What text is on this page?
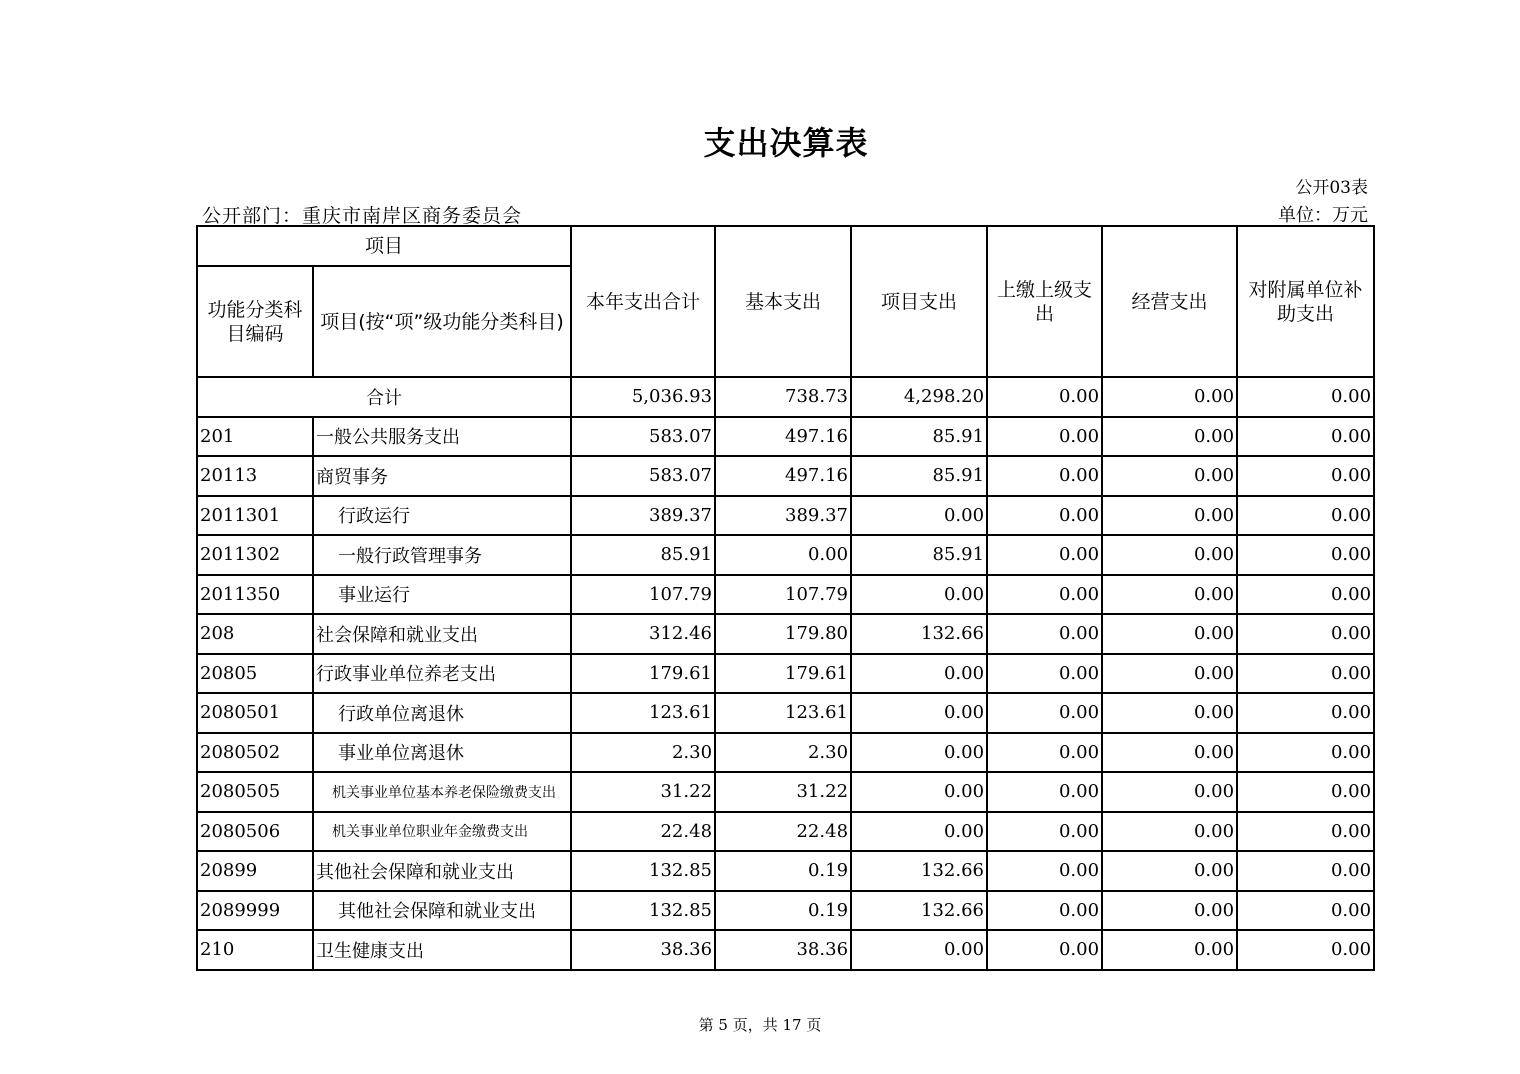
支出决算表
公开03表
公开部门：重庆市南岸区商务委员会	单位：万元
项目		本年支出合计	基本支出	项目支出	上缴上级支出	经营支出	对附属单位补助支出
功能分类科目编码	项目(按“项”级功能分类科目)						
合计		5,036.93	738.73	4,298.20	0.00	0.00	0.00
201	一般公共服务支出	583.07	497.16	85.91	0.00	0.00	0.00
20113	商贸事务	583.07	497.16	85.91	0.00	0.00	0.00
2011301	行政运行	389.37	389.37	0.00	0.00	0.00	0.00
2011302	一般行政管理事务	85.91	0.00	85.91	0.00	0.00	0.00
2011350	事业运行	107.79	107.79	0.00	0.00	0.00	0.00
208	社会保障和就业支出	312.46	179.80	132.66	0.00	0.00	0.00
20805	行政事业单位养老支出	179.61	179.61	0.00	0.00	0.00	0.00
2080501	行政单位离退休	123.61	123.61	0.00	0.00	0.00	0.00
2080502	事业单位离退休	2.30	2.30	0.00	0.00	0.00	0.00
2080505	机关事业单位基本养老保险缴费支出	31.22	31.22	0.00	0.00	0.00	0.00
2080506	机关事业单位职业年金缴费支出	22.48	22.48	0.00	0.00	0.00	0.00
20899	其他社会保障和就业支出	132.85	0.19	132.66	0.00	0.00	0.00
2089999	其他社会保障和就业支出	132.85	0.19	132.66	0.00	0.00	0.00
210	卫生健康支出	38.36	38.36	0.00	0.00	0.00	0.00
第 5 页，共 17 页
